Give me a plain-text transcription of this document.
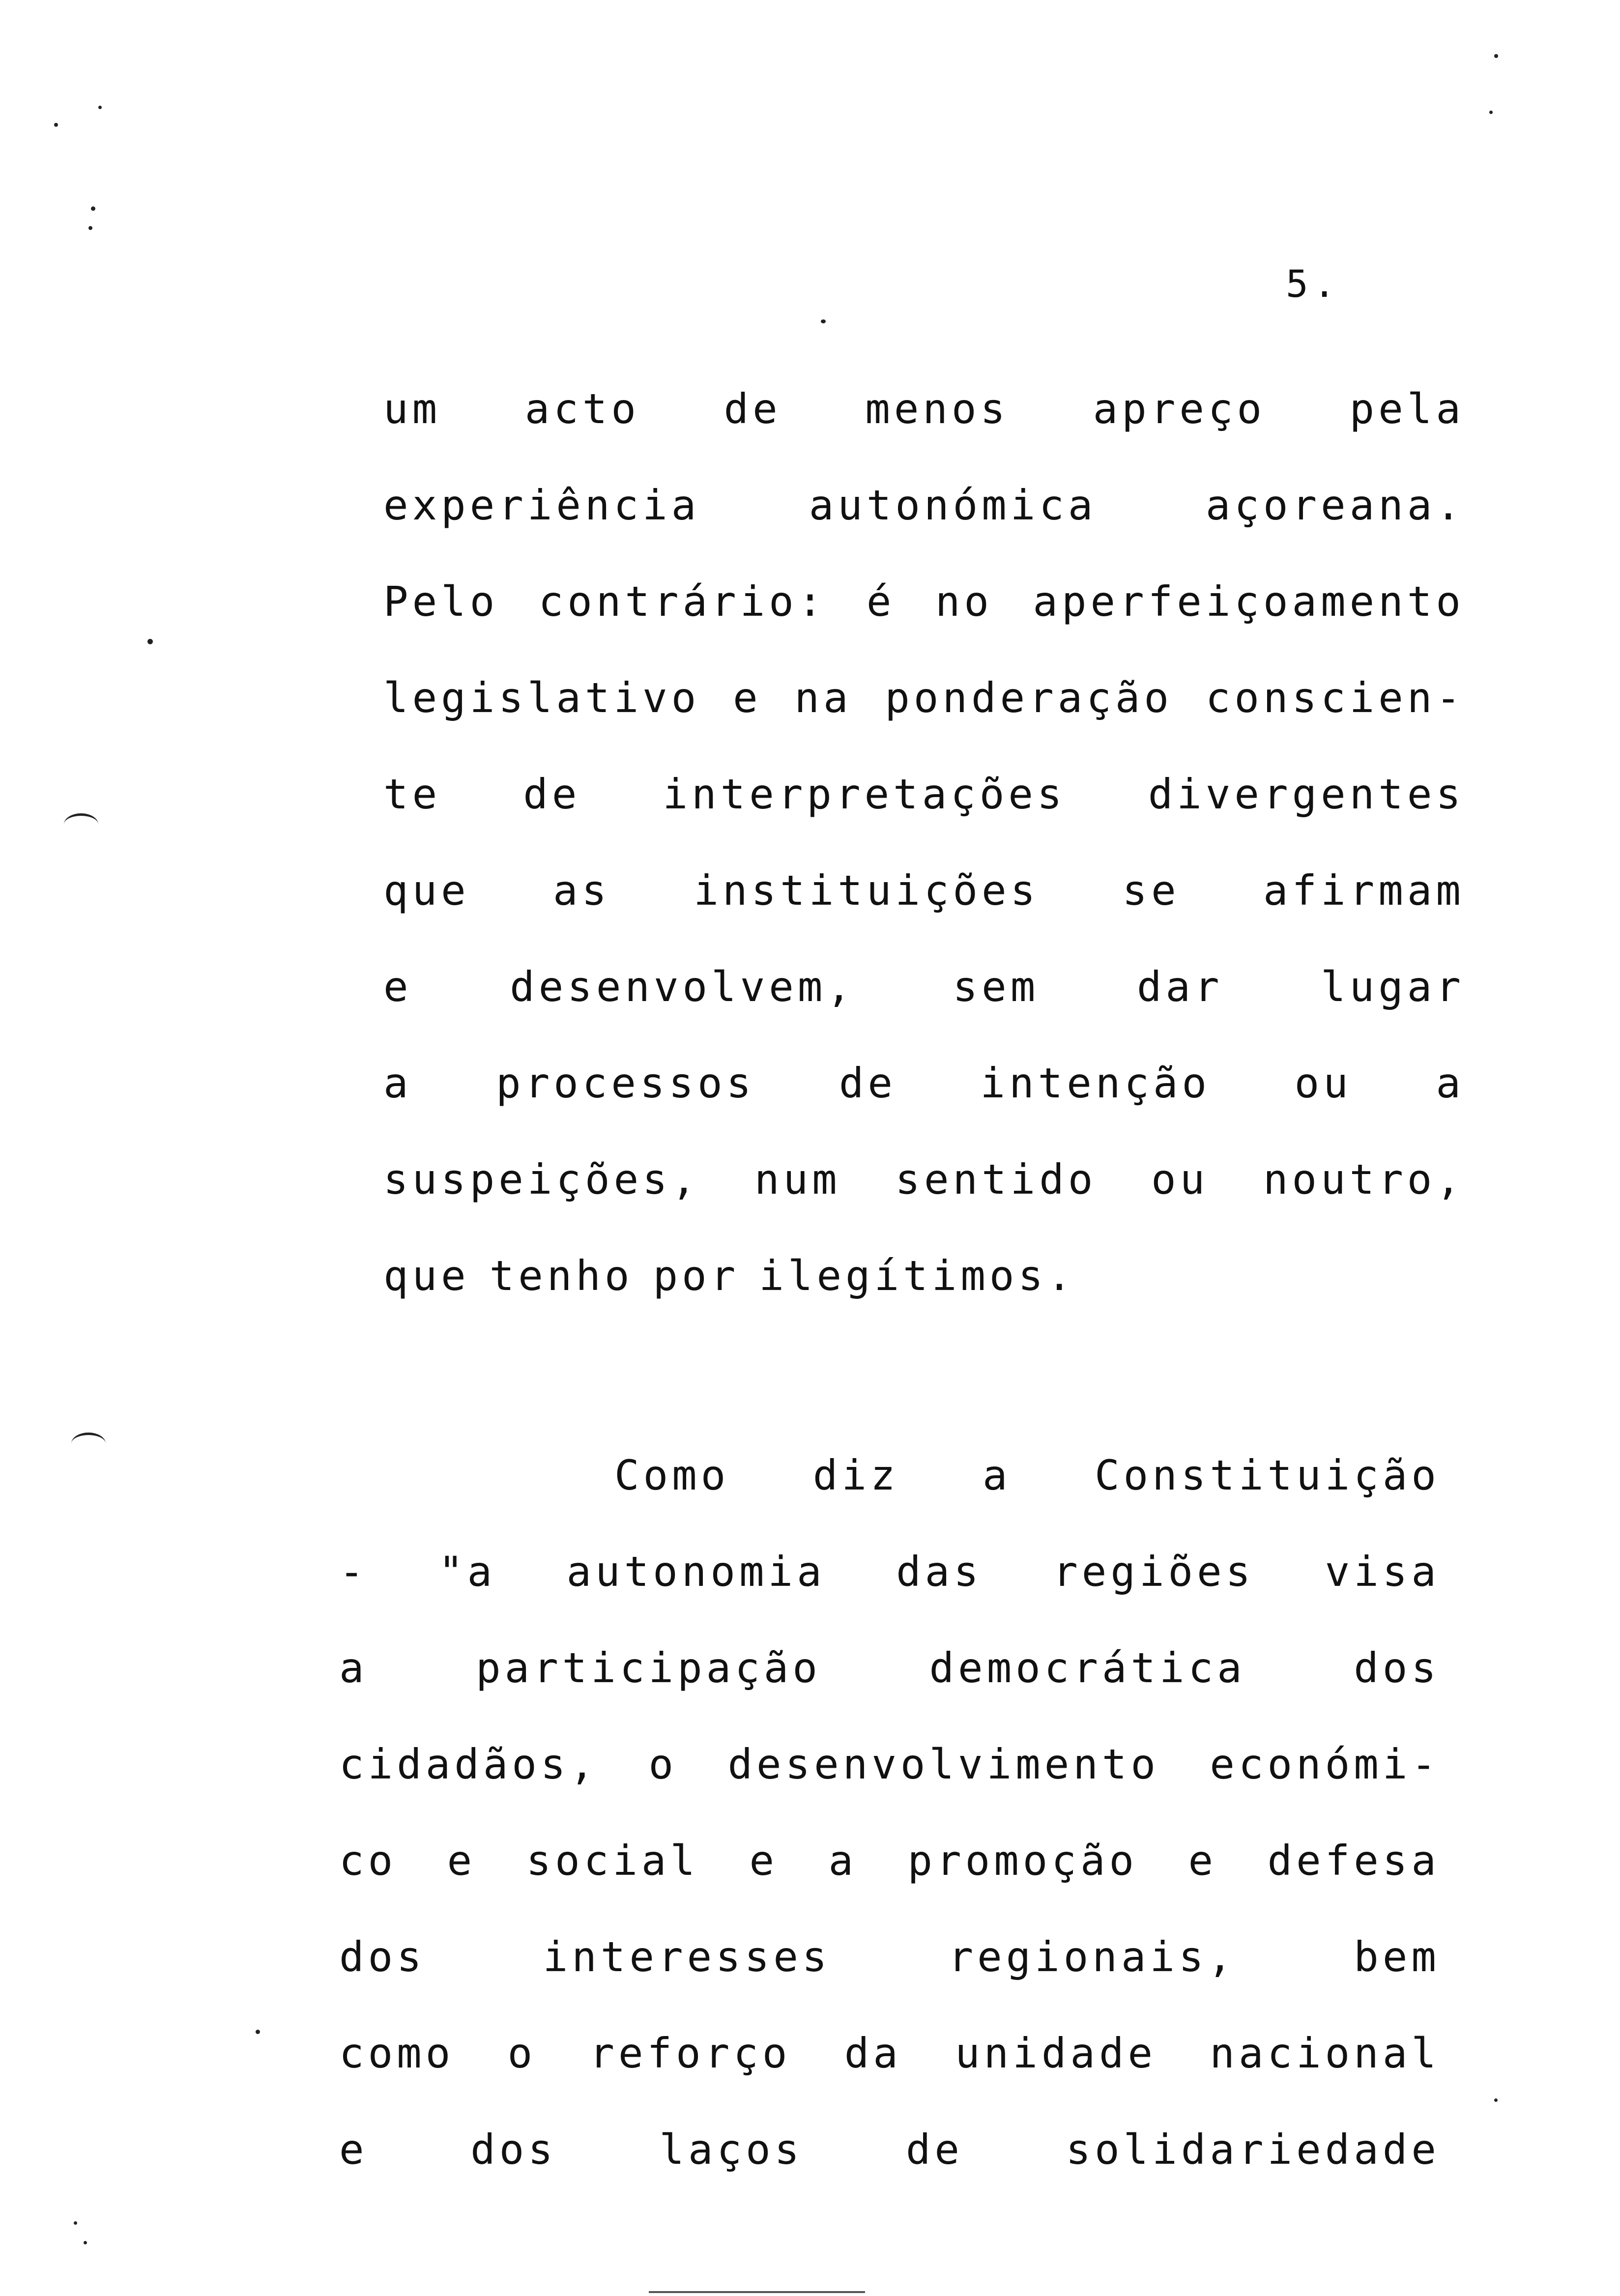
5.
um acto de menos apreço pela
experiência	autonómica	açoreana.
Pelo contrário: é no aperfeiçoamento
legislativo e na ponderação conscien-
te de interpretações divergentes
que as instituições se afirmam
e desenvolvem, sem dar lugar
a processos de intenção ou a
suspeições, num sentido ou noutro,
que tenho por ilegítimos.
Como diz a Constituição
- "a autonomia das regiões visa
a	participação	democrática	dos
cidadãos, o desenvolvimento económi-
co e social e a promoção e defesa
dos	interesses	regionais,	bem
como o reforço da unidade nacional
e dos laços de solidariedade
